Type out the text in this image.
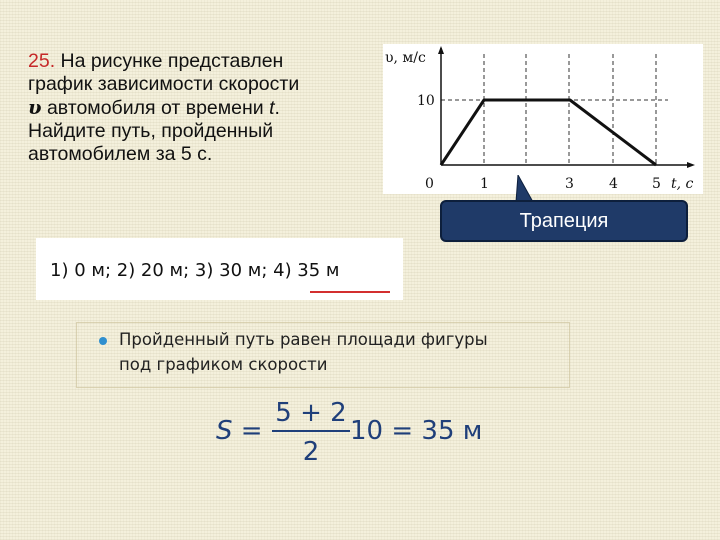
25. На рисунке представлен
график зависимости скорости
υ автомобиля от времени t.
Найдите путь, пройденный
автомобилем за 5 с.
υ, м/с
10
0	1	3	4 5 t, с
Трапеция
1) 0 м; 2) 20 м; 3) 30 м; 4) 35 м
Пройденный путь равен площади фигуры
под графиком скорости
S =
5 + 2
2
10 = 35 м
